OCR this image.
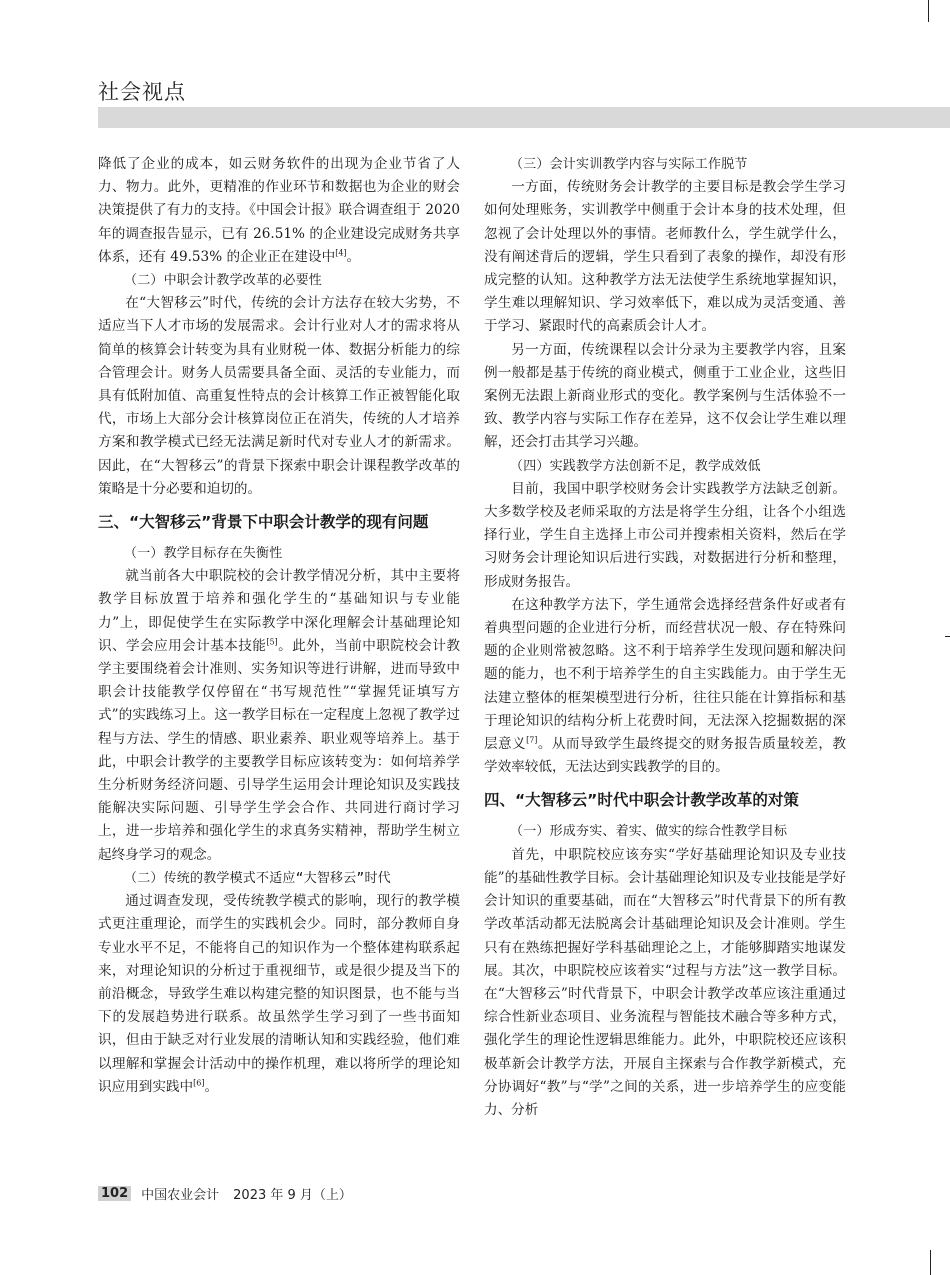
社会视点

降低了企业的成本，如云财务软件的出现为企业节省了人力、物力。此外，更精准的作业环节和数据也为企业的财会决策提供了有力的支持。《中国会计报》联合调查组于 2020 年的调查报告显示，已有 26.51% 的企业建设完成财务共享体系，还有 49.53% 的企业正在建设中[4]。

（二）中职会计教学改革的必要性

在“大智移云”时代，传统的会计方法存在较大劣势，不适应当下人才市场的发展需求。会计行业对人才的需求将从简单的核算会计转变为具有业财税一体、数据分析能力的综合管理会计。财务人员需要具备全面、灵活的专业能力，而具有低附加值、高重复性特点的会计核算工作正被智能化取代，市场上大部分会计核算岗位正在消失，传统的人才培养方案和教学模式已经无法满足新时代对专业人才的新需求。因此，在“大智移云”的背景下探索中职会计课程教学改革的策略是十分必要和迫切的。

三、“大智移云”背景下中职会计教学的现有问题

（一）教学目标存在失衡性

就当前各大中职院校的会计教学情况分析，其中主要将教学目标放置于培养和强化学生的“基础知识与专业能力”上，即促使学生在实际教学中深化理解会计基础理论知识、学会应用会计基本技能[5]。此外，当前中职院校会计教学主要围绕着会计准则、实务知识等进行讲解，进而导致中职会计技能教学仅停留在“书写规范性”“掌握凭证填写方式”的实践练习上。这一教学目标在一定程度上忽视了教学过程与方法、学生的情感、职业素养、职业观等培养上。基于此，中职会计教学的主要教学目标应该转变为：如何培养学生分析财务经济问题、引导学生运用会计理论知识及实践技能解决实际问题、引导学生学会合作、共同进行商讨学习上，进一步培养和强化学生的求真务实精神，帮助学生树立起终身学习的观念。

（二）传统的教学模式不适应“大智移云”时代

通过调查发现，受传统教学模式的影响，现行的教学模式更注重理论，而学生的实践机会少。同时，部分教师自身专业水平不足，不能将自己的知识作为一个整体建构联系起来，对理论知识的分析过于重视细节，或是很少提及当下的前沿概念，导致学生难以构建完整的知识图景，也不能与当下的发展趋势进行联系。故虽然学生学习到了一些书面知识，但由于缺乏对行业发展的清晰认知和实践经验，他们难以理解和掌握会计活动中的操作机理，难以将所学的理论知识应用到实践中[6]。

（三）会计实训教学内容与实际工作脱节

一方面，传统财务会计教学的主要目标是教会学生学习如何处理账务，实训教学中侧重于会计本身的技术处理，但忽视了会计处理以外的事情。老师教什么，学生就学什么，没有阐述背后的逻辑，学生只看到了表象的操作，却没有形成完整的认知。这种教学方法无法使学生系统地掌握知识，学生难以理解知识、学习效率低下，难以成为灵活变通、善于学习、紧跟时代的高素质会计人才。

另一方面，传统课程以会计分录为主要教学内容，且案例一般都是基于传统的商业模式，侧重于工业企业，这些旧案例无法跟上新商业形式的变化。教学案例与生活体验不一致、教学内容与实际工作存在差异，这不仅会让学生难以理解，还会打击其学习兴趣。

（四）实践教学方法创新不足，教学成效低

目前，我国中职学校财务会计实践教学方法缺乏创新。大多数学校及老师采取的方法是将学生分组，让各个小组选择行业，学生自主选择上市公司并搜索相关资料，然后在学习财务会计理论知识后进行实践，对数据进行分析和整理，形成财务报告。

在这种教学方法下，学生通常会选择经营条件好或者有着典型问题的企业进行分析，而经营状况一般、存在特殊问题的企业则常被忽略。这不利于培养学生发现问题和解决问题的能力，也不利于培养学生的自主实践能力。由于学生无法建立整体的框架模型进行分析，往往只能在计算指标和基于理论知识的结构分析上花费时间，无法深入挖掘数据的深层意义[7]。从而导致学生最终提交的财务报告质量较差，教学效率较低，无法达到实践教学的目的。

四、“大智移云”时代中职会计教学改革的对策

（一）形成夯实、着实、做实的综合性教学目标

首先，中职院校应该夯实“学好基础理论知识及专业技能”的基础性教学目标。会计基础理论知识及专业技能是学好会计知识的重要基础，而在“大智移云”时代背景下的所有教学改革活动都无法脱离会计基础理论知识及会计准则。学生只有在熟练把握好学科基础理论之上，才能够脚踏实地谋发展。其次，中职院校应该着实“过程与方法”这一教学目标。在“大智移云”时代背景下，中职会计教学改革应该注重通过综合性新业态项目、业务流程与智能技术融合等多种方式，强化学生的理论性逻辑思维能力。此外，中职院校还应该积极革新会计教学方法，开展自主探索与合作教学新模式，充分协调好“教”与“学”之间的关系，进一步培养学生的应变能力、分析

102 中国农业会计 2023 年 9 月（上）
